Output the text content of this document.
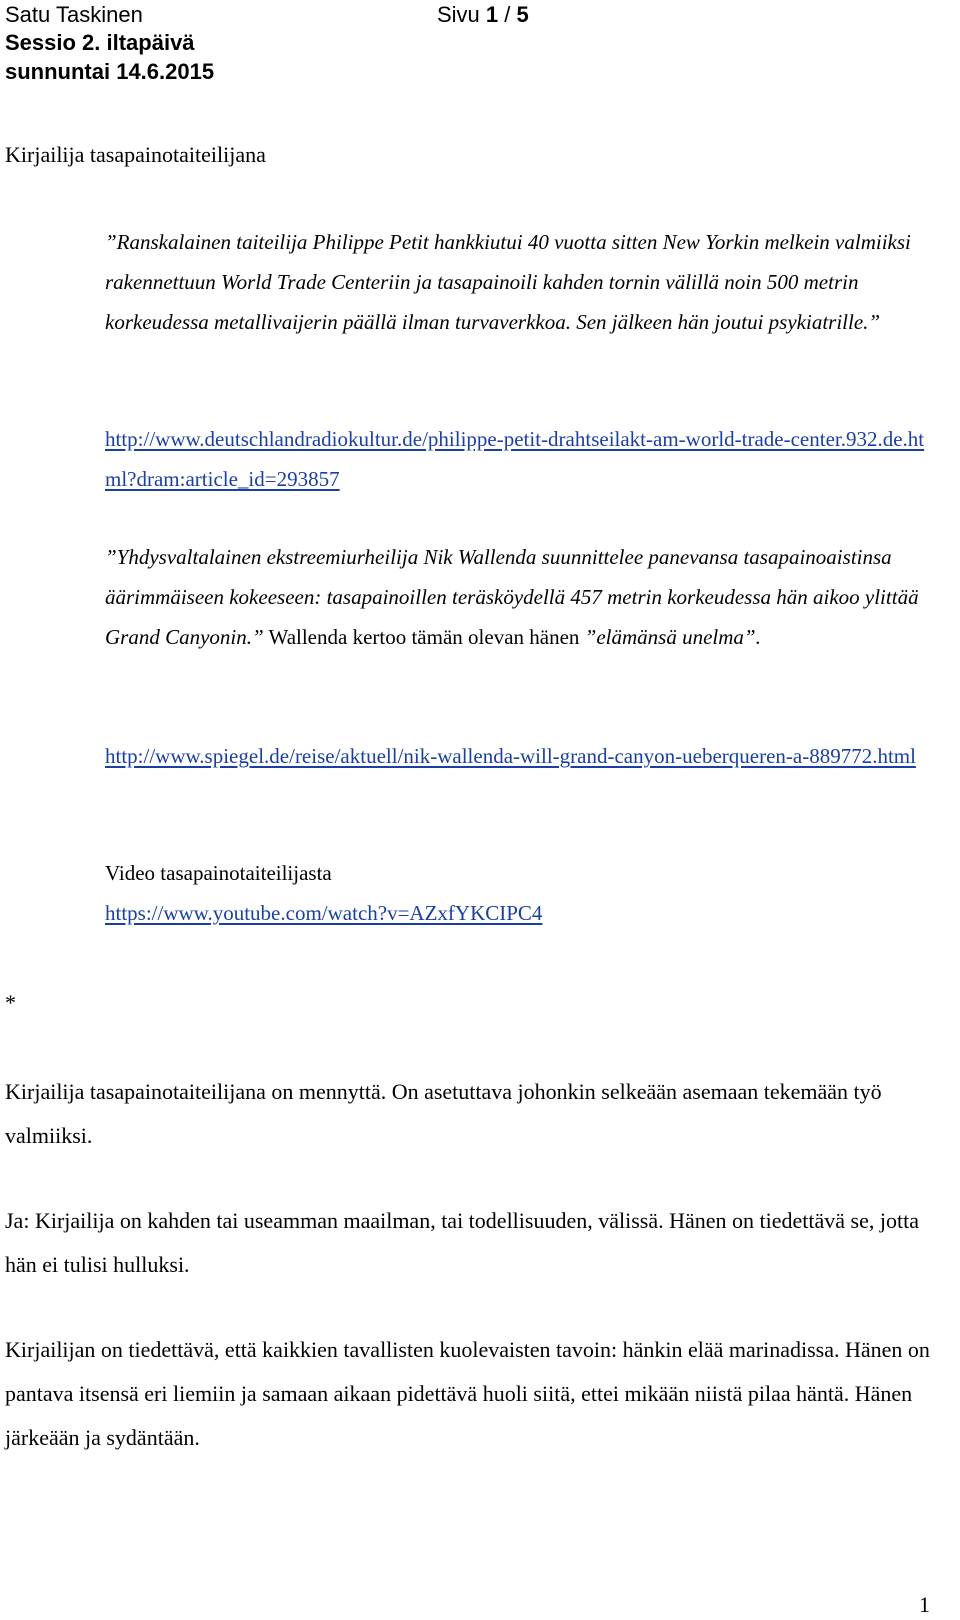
Satu Taskinen	Sivu 1 / 5
Sessio 2. iltapäivä
sunnuntai 14.6.2015
Kirjailija tasapainotaiteilijana

”Ranskalainen taiteilija Philippe Petit hankkiutui 40 vuotta sitten New Yorkin melkein valmiiksi rakennettuun World Trade Centeriin ja tasapainoili kahden tornin välillä noin 500 metrin korkeudessa metallivaijerin päällä ilman turvaverkkoa. Sen jälkeen hän joutui psykiatrille.”

http://www.deutschlandradiokultur.de/philippe-petit-drahtseilakt-am-world-trade-center.932.de.html?dram:article_id=293857

”Yhdysvaltalainen ekstreemiurheilija Nik Wallenda suunnittelee panevansa tasapainoaistinsa äärimmäiseen kokeeseen: tasapainoillen teräsköydellä 457 metrin korkeudessa hän aikoo ylittää Grand Canyonin.” Wallenda kertoo tämän olevan hänen ”elämänsä unelma”.

http://www.spiegel.de/reise/aktuell/nik-wallenda-will-grand-canyon-ueberqueren-a-889772.html

Video tasapainotaiteilijasta

https://www.youtube.com/watch?v=AZxfYKCIPC4

*

Kirjailija tasapainotaiteilijana on mennyttä. On asetuttava johonkin selkeään asemaan tekemään työ valmiiksi.

Ja: Kirjailija on kahden tai useamman maailman, tai todellisuuden, välissä. Hänen on tiedettävä se, jotta hän ei tulisi hulluksi.

Kirjailijan on tiedettävä, että kaikkien tavallisten kuolevaisten tavoin: hänkin elää marinadissa. Hänen on pantava itsensä eri liemiin ja samaan aikaan pidettävä huoli siitä, ettei mikään niistä pilaa häntä. Hänen järkeään ja sydäntään.

1
